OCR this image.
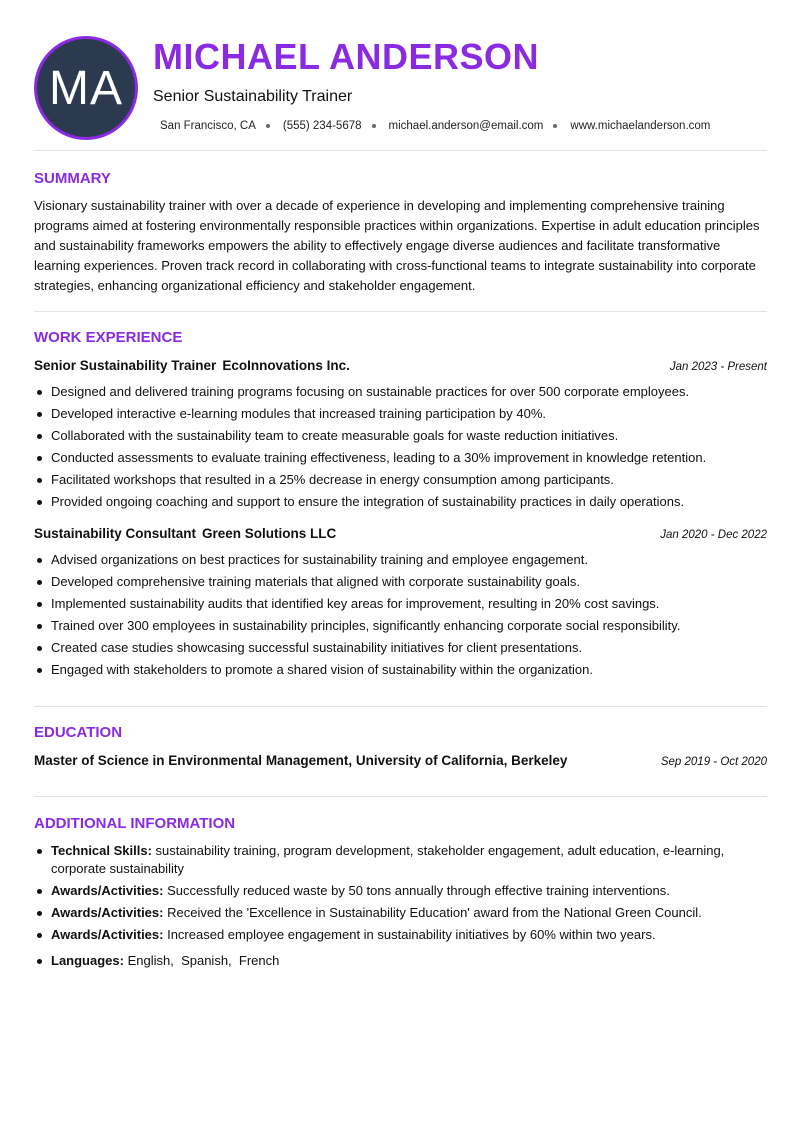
MA
MICHAEL ANDERSON
Senior Sustainability Trainer
San Francisco, CA (555) 234-5678 michael.anderson@email.com www.michaelanderson.com
SUMMARY
Visionary sustainability trainer with over a decade of experience in developing and implementing comprehensive training programs aimed at fostering environmentally responsible practices within organizations. Expertise in adult education principles and sustainability frameworks empowers the ability to effectively engage diverse audiences and facilitate transformative learning experiences. Proven track record in collaborating with cross-functional teams to integrate sustainability into corporate strategies, enhancing organizational efficiency and stakeholder engagement.
WORK EXPERIENCE
Senior Sustainability Trainer EcoInnovations Inc.	Jan 2023 - Present
Designed and delivered training programs focusing on sustainable practices for over 500 corporate employees.
Developed interactive e-learning modules that increased training participation by 40%.
Collaborated with the sustainability team to create measurable goals for waste reduction initiatives.
Conducted assessments to evaluate training effectiveness, leading to a 30% improvement in knowledge retention.
Facilitated workshops that resulted in a 25% decrease in energy consumption among participants.
Provided ongoing coaching and support to ensure the integration of sustainability practices in daily operations.
Sustainability Consultant Green Solutions LLC	Jan 2020 - Dec 2022
Advised organizations on best practices for sustainability training and employee engagement.
Developed comprehensive training materials that aligned with corporate sustainability goals.
Implemented sustainability audits that identified key areas for improvement, resulting in 20% cost savings.
Trained over 300 employees in sustainability principles, significantly enhancing corporate social responsibility.
Created case studies showcasing successful sustainability initiatives for client presentations.
Engaged with stakeholders to promote a shared vision of sustainability within the organization.
EDUCATION
Master of Science in Environmental Management, University of California, Berkeley	Sep 2019 - Oct 2020
ADDITIONAL INFORMATION
Technical Skills: sustainability training, program development, stakeholder engagement, adult education, e-learning, corporate sustainability
Awards/Activities: Successfully reduced waste by 50 tons annually through effective training interventions.
Awards/Activities: Received the 'Excellence in Sustainability Education' award from the National Green Council.
Awards/Activities: Increased employee engagement in sustainability initiatives by 60% within two years.
Languages: English,  Spanish,  French
